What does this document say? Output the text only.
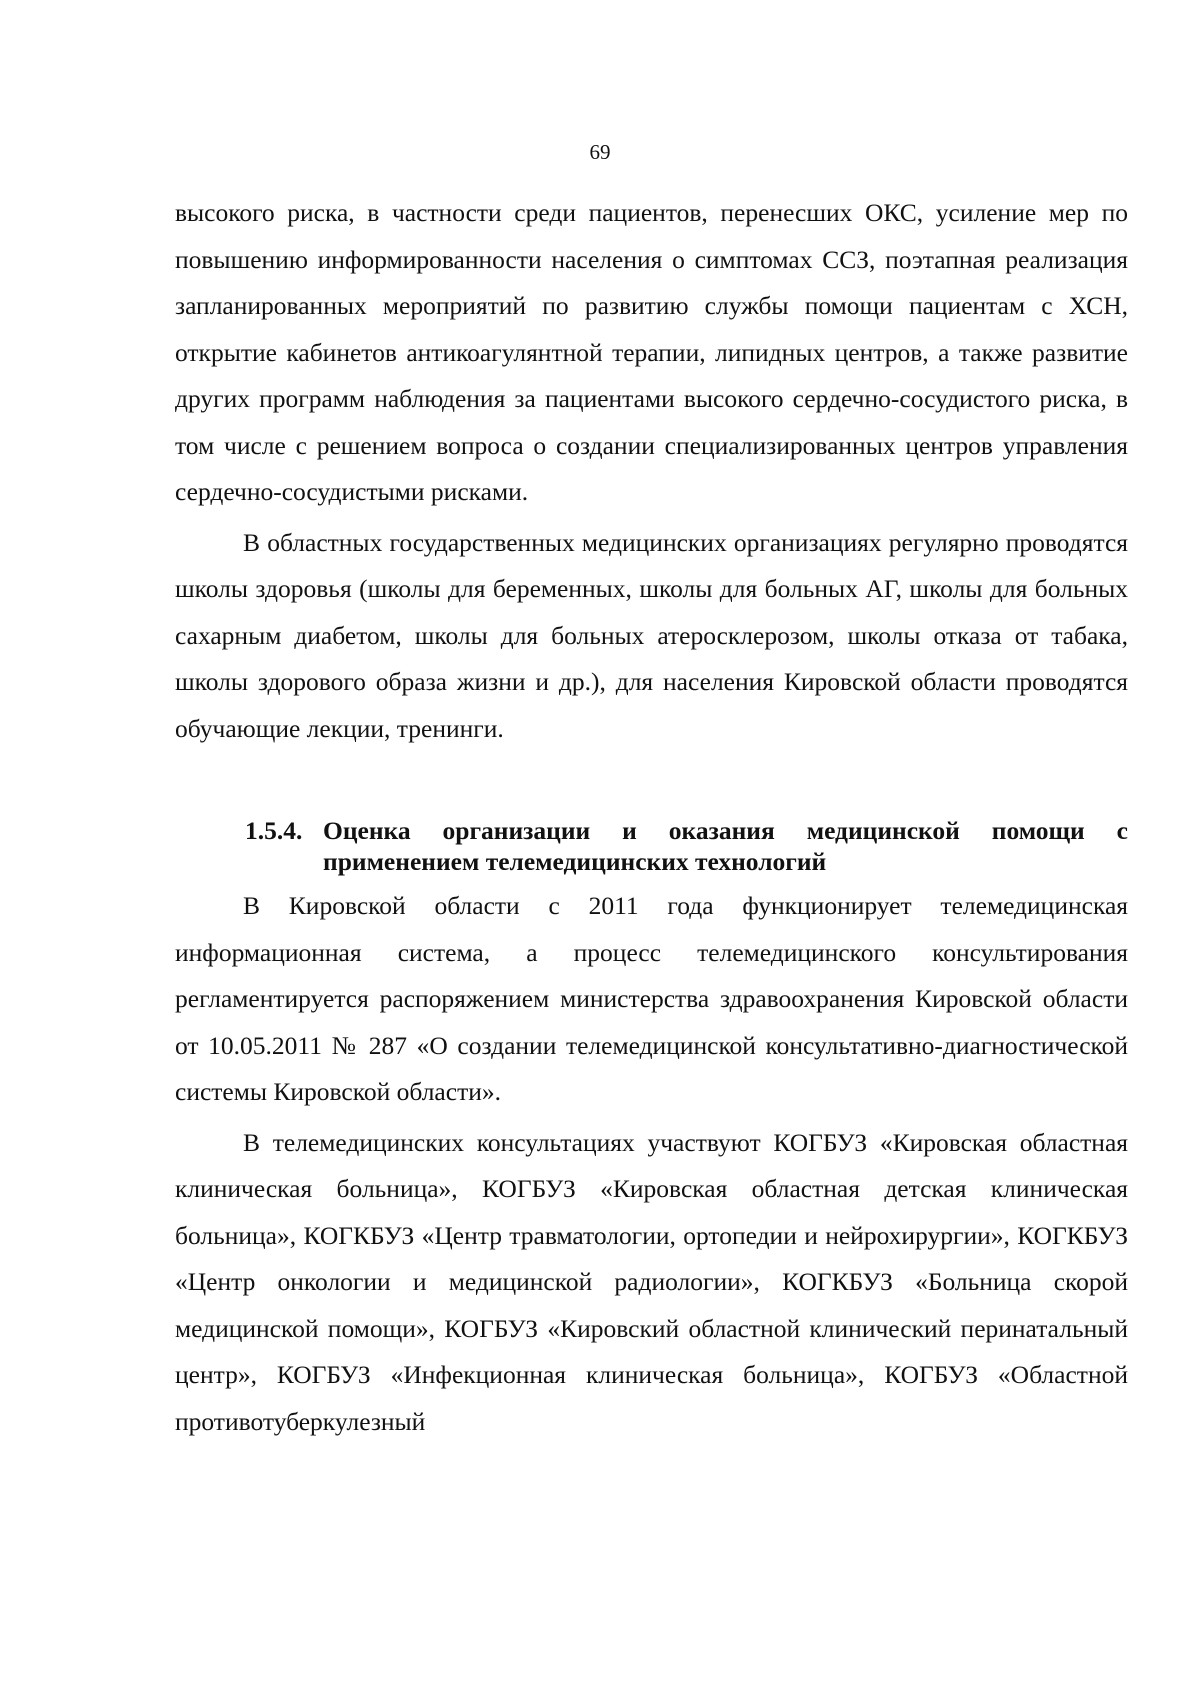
69

высокого риска, в частности среди пациентов, перенесших ОКС, усиление мер по повышению информированности населения о симптомах ССЗ, поэтапная реализация запланированных мероприятий по развитию службы помощи пациентам с ХСН, открытие кабинетов антикоагулянтной терапии, липидных центров, а также развитие других программ наблюдения за пациентами высокого сердечно-сосудистого риска, в том числе с решением вопроса о создании специализированных центров управления сердечно-сосудистыми рисками.

В областных государственных медицинских организациях регулярно проводятся школы здоровья (школы для беременных, школы для больных АГ, школы для больных сахарным диабетом, школы для больных атеросклерозом, школы отказа от табака, школы здорового образа жизни и др.), для населения Кировской области проводятся обучающие лекции, тренинги.

1.5.4. Оценка организации и оказания медицинской помощи с применением телемедицинских технологий

В Кировской области с 2011 года функционирует телемедицинская информационная система, а процесс телемедицинского консультирования регламентируется распоряжением министерства здравоохранения Кировской области от 10.05.2011 № 287 «О создании телемедицинской консультативно-диагностической системы Кировской области».

В телемедицинских консультациях участвуют КОГБУЗ «Кировская областная клиническая больница», КОГБУЗ «Кировская областная детская клиническая больница», КОГКБУЗ «Центр травматологии, ортопедии и нейрохирургии», КОГКБУЗ «Центр онкологии и медицинской радиологии», КОГКБУЗ «Больница скорой медицинской помощи», КОГБУЗ «Кировский областной клинический перинатальный центр», КОГБУЗ «Инфекционная клиническая больница», КОГБУЗ «Областной противотуберкулезный
